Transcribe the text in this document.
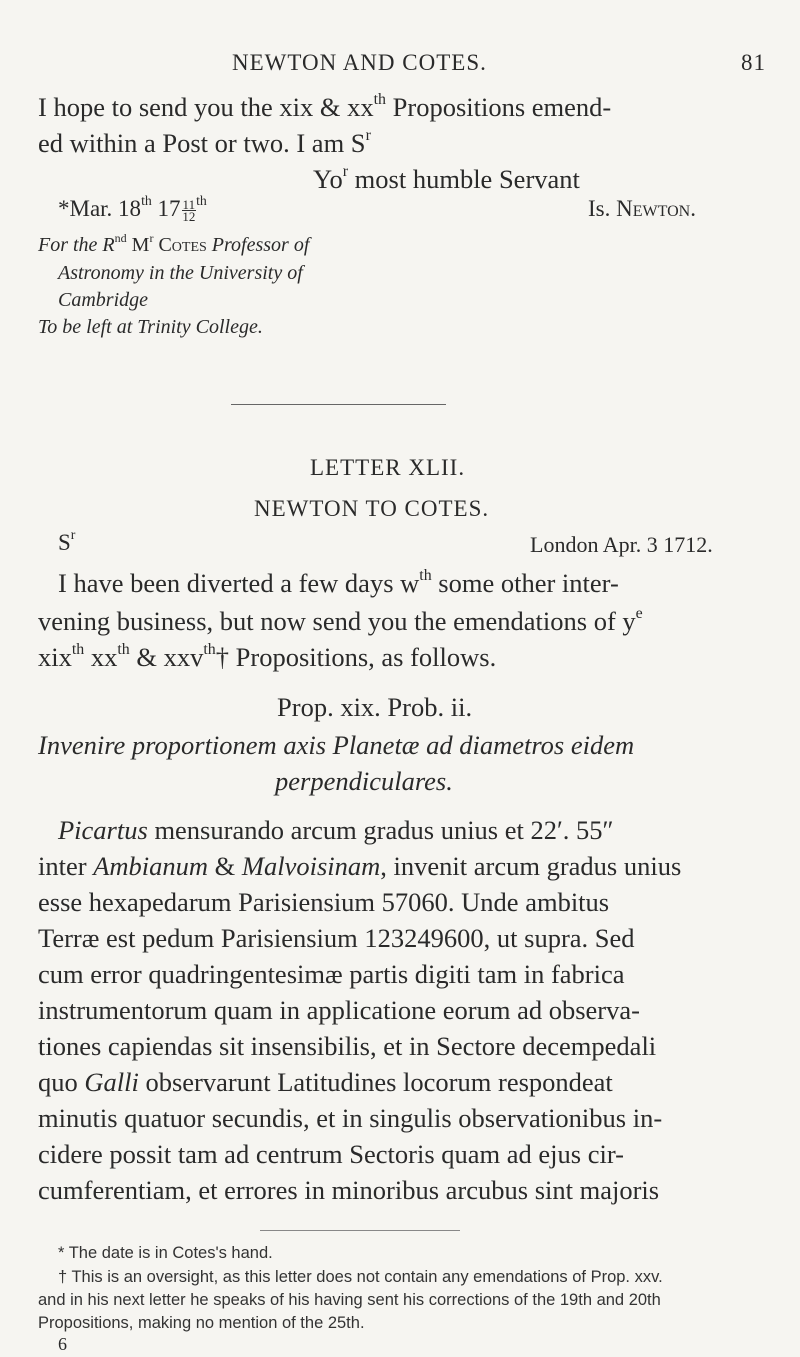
NEWTON AND COTES.	81
I hope to send you the xix & $xx^{th}$ Propositions emend-
ed within a Post or two. I am $S^r$
Yo$^r$ most humble Servant
*Mar. 18th $17 \frac{11}{12} ^{th}$	Is. Newton.
For the $R^{nd}$ $M^r$ Cotes Professor of
Astronomy in the University of
Cambridge
To be left at Trinity College.
LETTER XLII.
NEWTON TO COTES.
$S^r$	London Apr. 3 1712.
I have been diverted a few days $w^{th}$ some other inter-
vening business, but now send you the emendations of $y^e$
xix$^{th}$ $xx^{th}$ & xxv$^{th}$† Propositions, as follows.
Prop. xix. Prob. ii.
Invenire proportionem axis Planetæ ad diametros eidem
perpendiculares.
Picartus mensurando arcum gradus unius et 22′. 55″
inter Ambianum & Malvoisinam, invenit arcum gradus unius
esse hexapedarum Parisiensium 57060. Unde ambitus
Terræ est pedum Parisiensium 123249600, ut supra. Sed
cum error quadringentesimæ partis digiti tam in fabrica
instrumentorum quam in applicatione eorum ad observa-
tiones capiendas sit insensibilis, et in Sectore decempedali
quo Galli observarunt Latitudines locorum respondeat
minutis quatuor secundis, et in singulis observationibus in-
cidere possit tam ad centrum Sectoris quam ad ejus cir-
cumferentiam, et errores in minoribus arcubus sint majoris
* The date is in Cotes's hand.
† This is an oversight, as this letter does not contain any emendations of Prop. xxv.
and in his next letter he speaks of his having sent his corrections of the 19th and 20th
Propositions, making no mention of the 25th.
6
